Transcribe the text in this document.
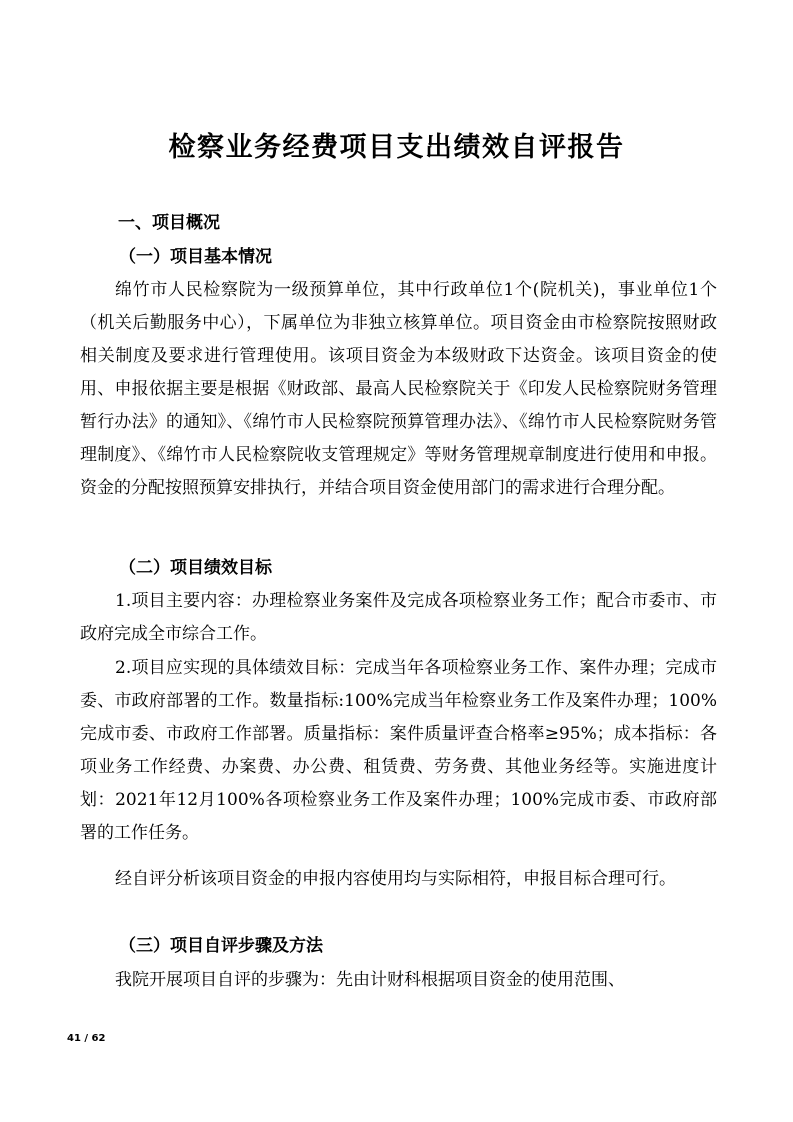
检察业务经费项目支出绩效自评报告
一、项目概况
（一）项目基本情况

绵竹市人民检察院为一级预算单位，其中行政单位1个(院机关)，事业单位1个（机关后勤服务中心），下属单位为非独立核算单位。项目资金由市检察院按照财政相关制度及要求进行管理使用。该项目资金为本级财政下达资金。该项目资金的使用、申报依据主要是根据《财政部、最高人民检察院关于《印发人民检察院财务管理暂行办法》的通知》、《绵竹市人民检察院预算管理办法》、《绵竹市人民检察院财务管理制度》、《绵竹市人民检察院收支管理规定》等财务管理规章制度进行使用和申报。资金的分配按照预算安排执行，并结合项目资金使用部门的需求进行合理分配。

（二）项目绩效目标

1.项目主要内容：办理检察业务案件及完成各项检察业务工作；配合市委市、市政府完成全市综合工作。

2.项目应实现的具体绩效目标：完成当年各项检察业务工作、案件办理；完成市委、市政府部署的工作。数量指标:100%完成当年检察业务工作及案件办理；100%完成市委、市政府工作部署。质量指标：案件质量评查合格率≥95%；成本指标：各项业务工作经费、办案费、办公费、租赁费、劳务费、其他业务经等。实施进度计划：2021年12月100%各项检察业务工作及案件办理；100%完成市委、市政府部署的工作任务。

经自评分析该项目资金的申报内容使用均与实际相符，申报目标合理可行。

（三）项目自评步骤及方法

我院开展项目自评的步骤为：先由计财科根据项目资金的使用范围、

41 / 62
